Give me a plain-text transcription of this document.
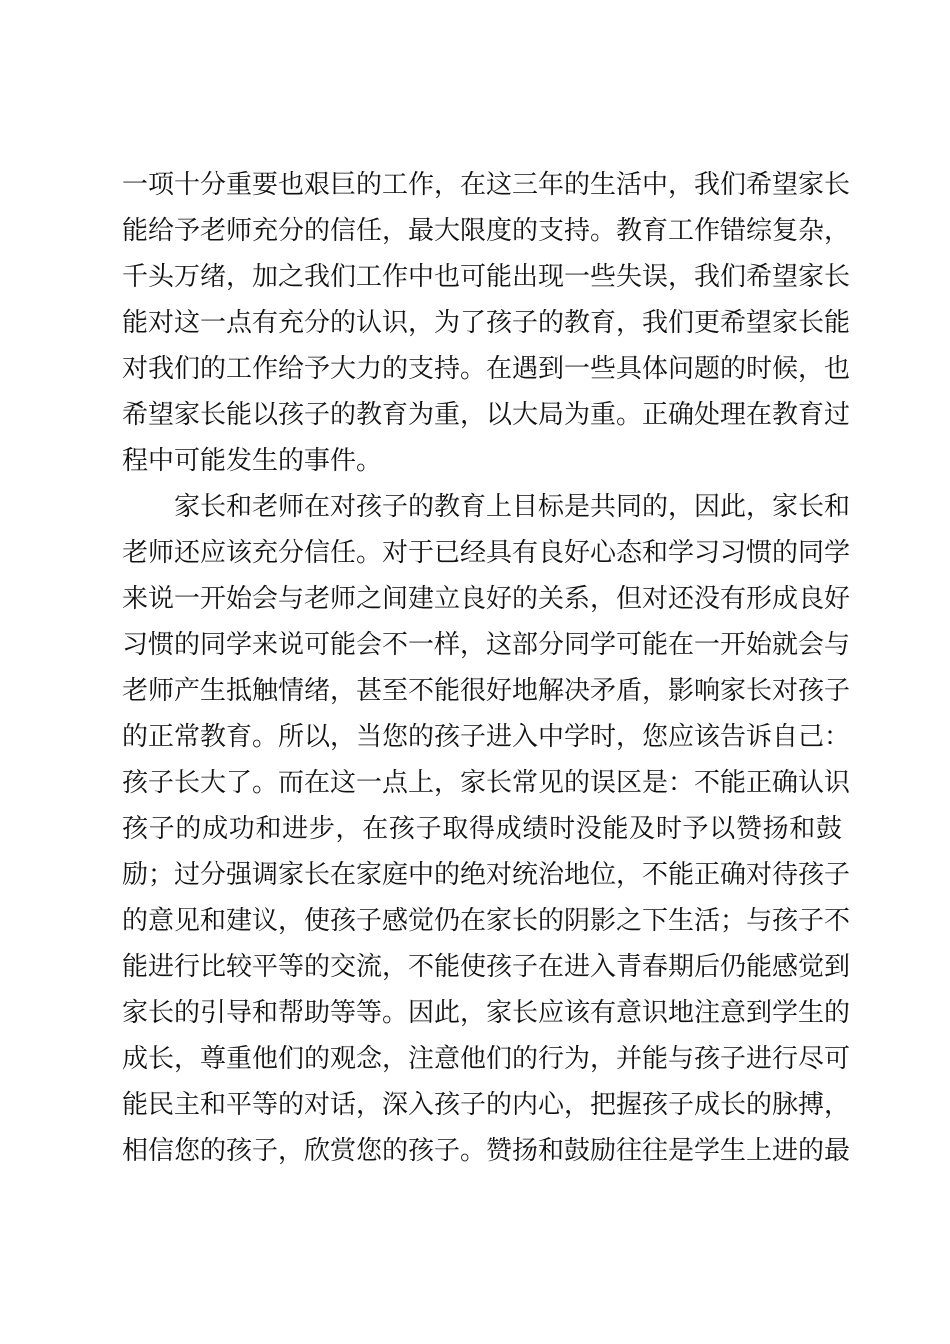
一项十分重要也艰巨的工作，在这三年的生活中，我们希望家长
能给予老师充分的信任，最大限度的支持。教育工作错综复杂，
千头万绪，加之我们工作中也可能出现一些失误，我们希望家长
能对这一点有充分的认识，为了孩子的教育，我们更希望家长能
对我们的工作给予大力的支持。在遇到一些具体问题的时候，也
希望家长能以孩子的教育为重，以大局为重。正确处理在教育过
程中可能发生的事件。
家长和老师在对孩子的教育上目标是共同的，因此，家长和
老师还应该充分信任。对于已经具有良好心态和学习习惯的同学
来说一开始会与老师之间建立良好的关系，但对还没有形成良好
习惯的同学来说可能会不一样，这部分同学可能在一开始就会与
老师产生抵触情绪，甚至不能很好地解决矛盾，影响家长对孩子
的正常教育。所以，当您的孩子进入中学时，您应该告诉自己：
孩子长大了。而在这一点上，家长常见的误区是：不能正确认识
孩子的成功和进步，在孩子取得成绩时没能及时予以赞扬和鼓
励；过分强调家长在家庭中的绝对统治地位，不能正确对待孩子
的意见和建议，使孩子感觉仍在家长的阴影之下生活；与孩子不
能进行比较平等的交流，不能使孩子在进入青春期后仍能感觉到
家长的引导和帮助等等。因此，家长应该有意识地注意到学生的
成长，尊重他们的观念，注意他们的行为，并能与孩子进行尽可
能民主和平等的对话，深入孩子的内心，把握孩子成长的脉搏，
相信您的孩子，欣赏您的孩子。赞扬和鼓励往往是学生上进的最
